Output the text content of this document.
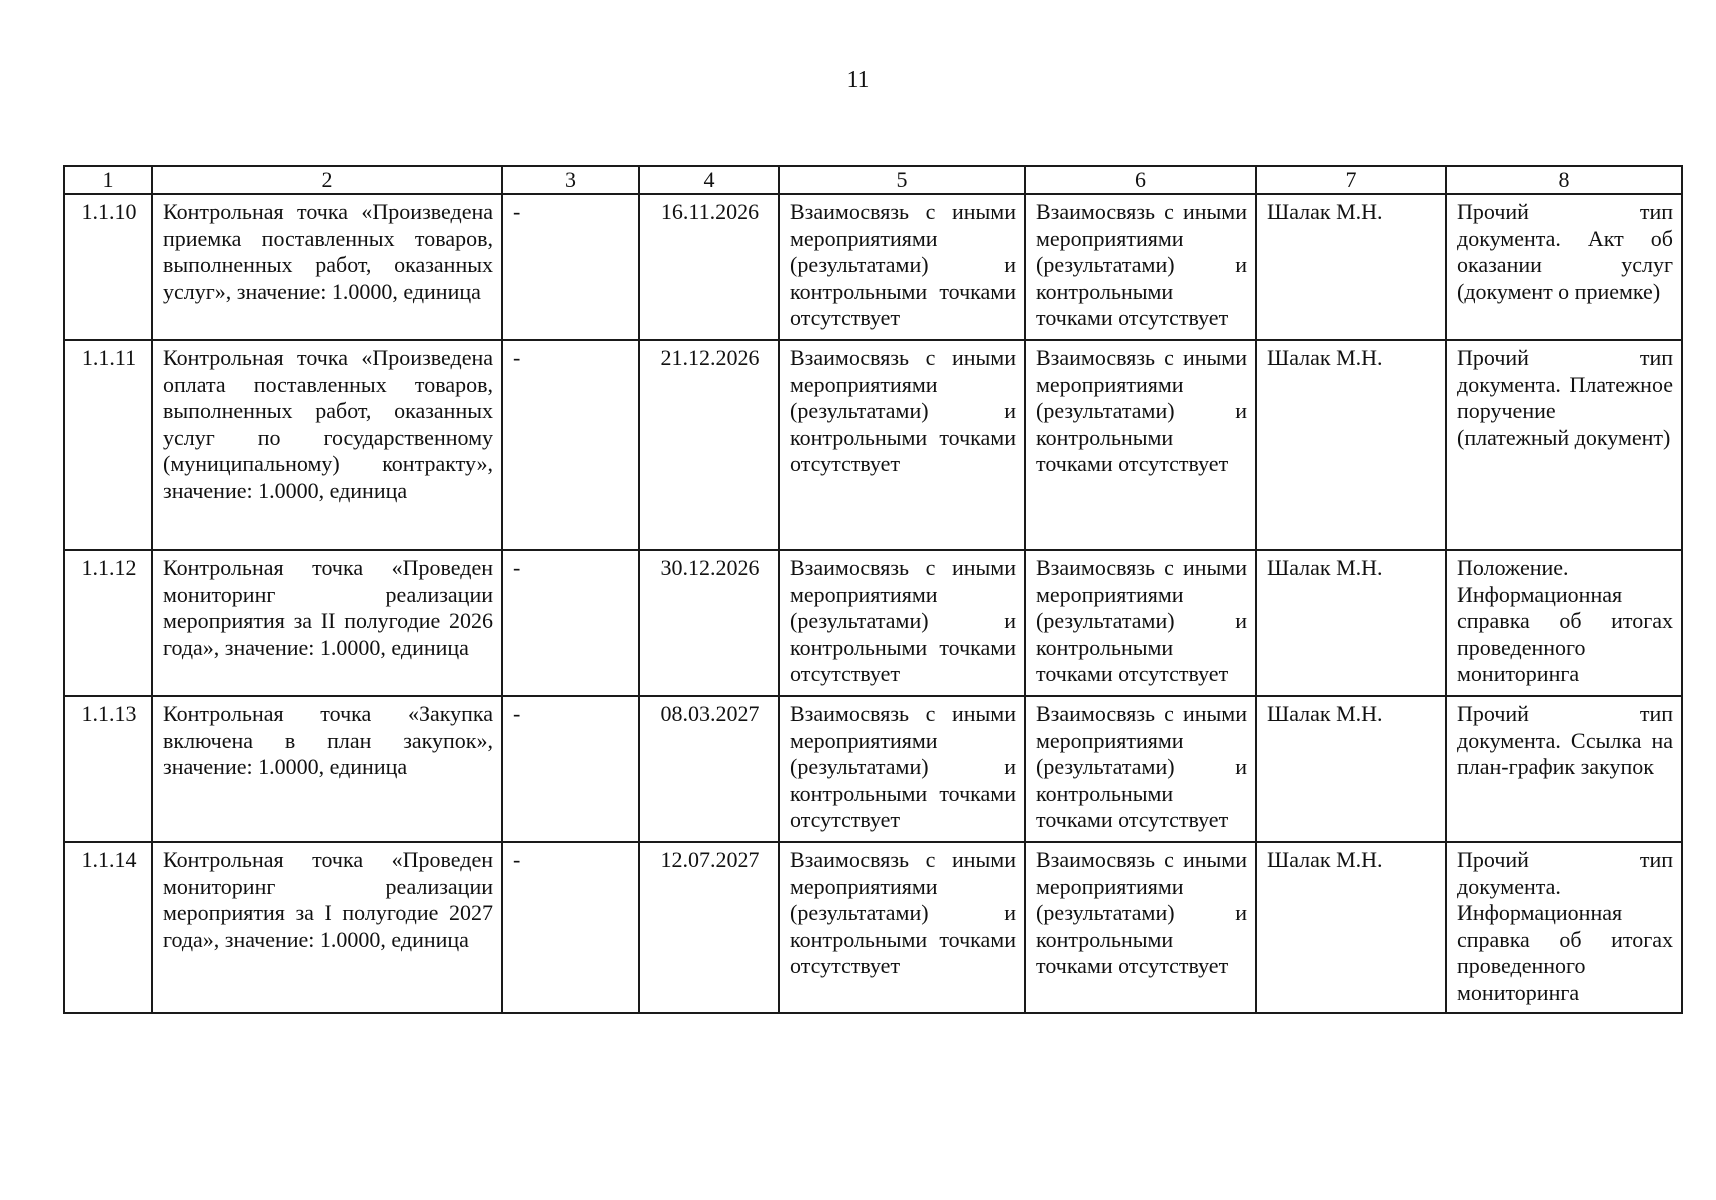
11
1	2	3	4	5	6	7	8
1.1.10	Контрольная точка «Произведена приемка поставленных товаров, выполненных работ, оказанных услуг», значение: 1.0000, единица	-	16.11.2026	Взаимосвязь с иными мероприятиями (результатами) и контрольными точками отсутствует	Взаимосвязь с иными мероприятиями (результатами) и контрольными точками отсутствует	Шалак М.Н.	Прочий тип документа. Акт об оказании услуг (документ о приемке)
1.1.11	Контрольная точка «Произведена оплата поставленных товаров, выполненных работ, оказанных услуг по государственному (муниципальному) контракту», значение: 1.0000, единица	-	21.12.2026	Взаимосвязь с иными мероприятиями (результатами) и контрольными точками отсутствует	Взаимосвязь с иными мероприятиями (результатами) и контрольными точками отсутствует	Шалак М.Н.	Прочий тип документа. Платежное поручение (платежный документ)
1.1.12	Контрольная точка «Проведен мониторинг реализации мероприятия за II полугодие 2026 года», значение: 1.0000, единица	-	30.12.2026	Взаимосвязь с иными мероприятиями (результатами) и контрольными точками отсутствует	Взаимосвязь с иными мероприятиями (результатами) и контрольными точками отсутствует	Шалак М.Н.	Положение. Информационная справка об итогах проведенного мониторинга
1.1.13	Контрольная точка «Закупка включена в план закупок», значение: 1.0000, единица	-	08.03.2027	Взаимосвязь с иными мероприятиями (результатами) и контрольными точками отсутствует	Взаимосвязь с иными мероприятиями (результатами) и контрольными точками отсутствует	Шалак М.Н.	Прочий тип документа. Ссылка на план-график закупок
1.1.14	Контрольная точка «Проведен мониторинг реализации мероприятия за I полугодие 2027 года», значение: 1.0000, единица	-	12.07.2027	Взаимосвязь с иными мероприятиями (результатами) и контрольными точками отсутствует	Взаимосвязь с иными мероприятиями (результатами) и контрольными точками отсутствует	Шалак М.Н.	Прочий тип документа. Информационная справка об итогах проведенного мониторинга
